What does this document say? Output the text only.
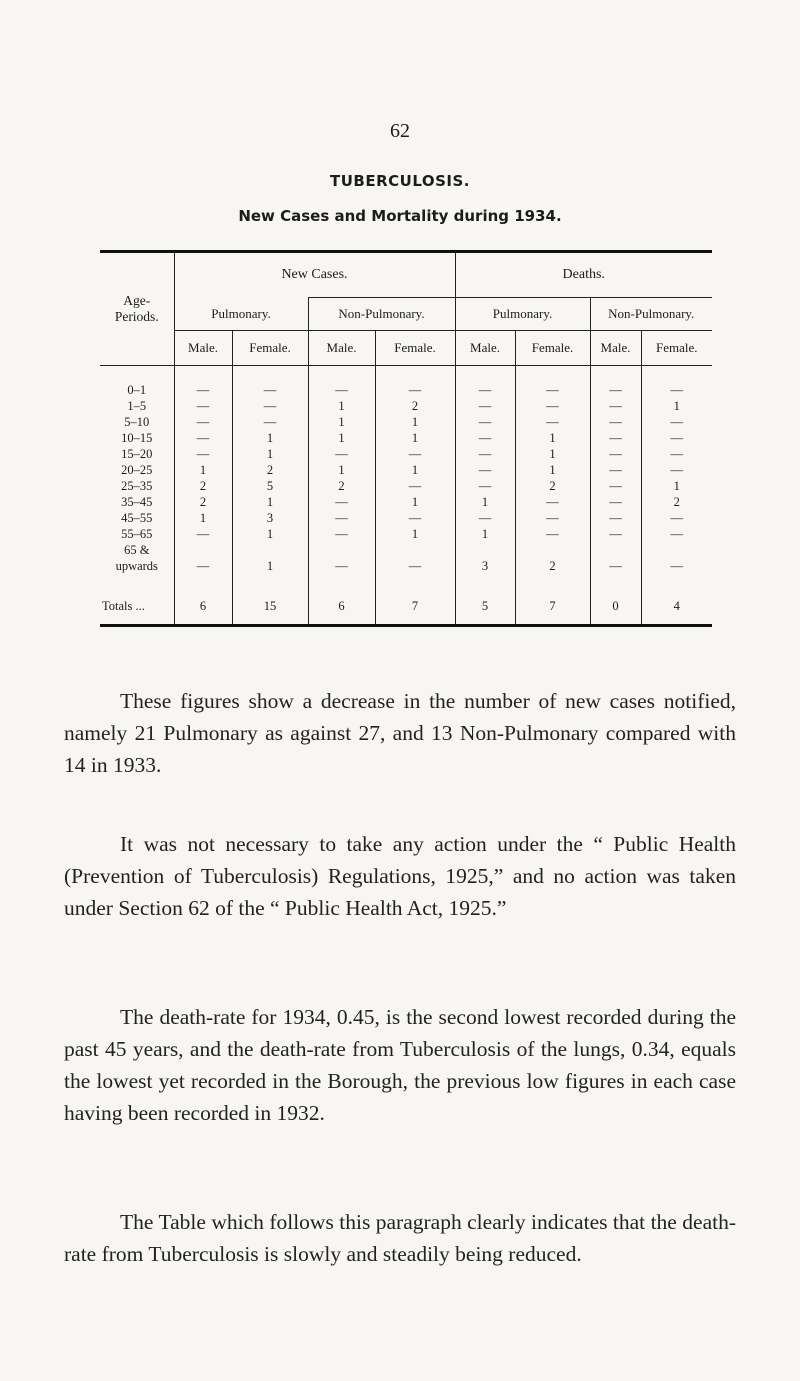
62
TUBERCULOSIS.
New Cases and Mortality during 1934.
Age-
Periods.	New Cases.				Deaths.			
	Pulmonary.		Non-Pulmonary.		Pulmonary.		Non-Pulmonary.	
	Male.	Female.	Male.	Female.	Male.	Female.	Male.	Female.

0–1	—	—	—	—	—	—	—	—
1–5	—	—	1	2	—	—	—	1
5–10	—	—	1	1	—	—	—	—
10–15	—	1	1	1	—	1	—	—
15–20	—	1	—	—	—	1	—	—
20–25	1	2	1	1	—	1	—	—
25–35	2	5	2	—	—	2	—	1
35–45	2	1	—	1	1	—	—	2
45–55	1	3	—	—	—	—	—	—
55–65	—	1	—	1	1	—	—	—
65 & upwards	—	1	—	—	3	2	—	—

Totals ...	6	15	6	7	5	7	0	4
These figures show a decrease in the number of new cases notified, namely 21 Pulmonary as against 27, and 13 Non-Pulmonary compared with 14 in 1933.
It was not necessary to take any action under the “ Public Health (Prevention of Tuberculosis) Regulations, 1925,” and no action was taken under Section 62 of the “ Public Health Act, 1925.”
The death-rate for 1934, 0.45, is the second lowest recorded during the past 45 years, and the death-rate from Tuberculosis of the lungs, 0.34, equals the lowest yet recorded in the Borough, the previous low figures in each case having been recorded in 1932.
The Table which follows this paragraph clearly indicates that the death-rate from Tuberculosis is slowly and steadily being reduced.
